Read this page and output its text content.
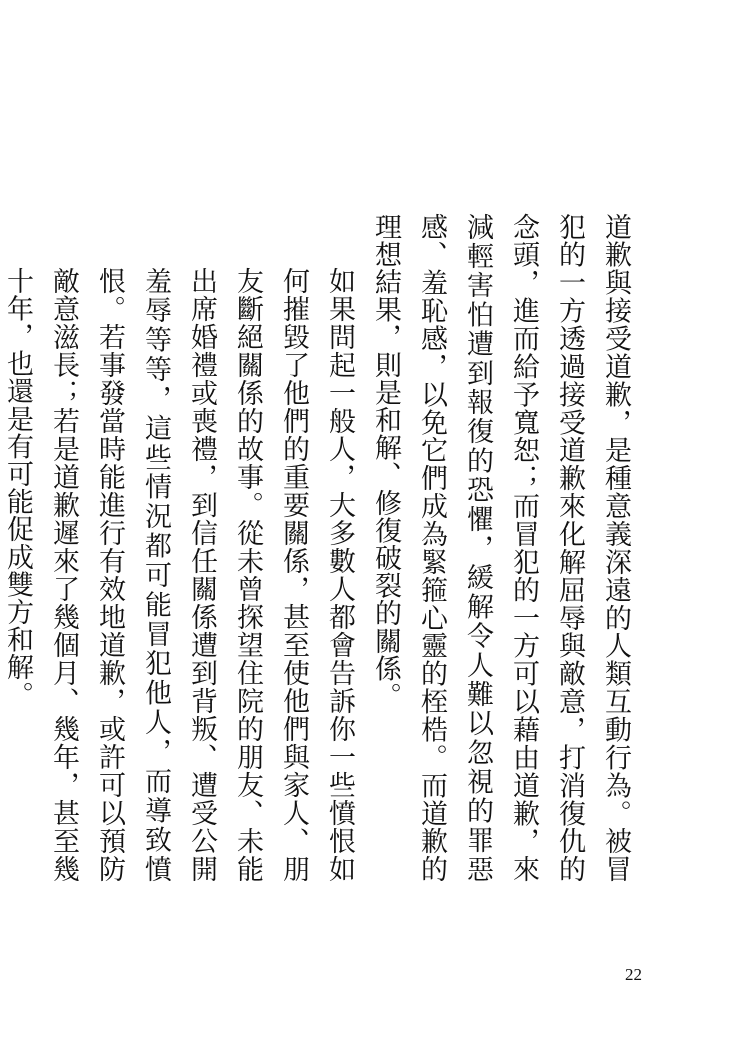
道歉與接受道歉，是種意義深遠的人類互動行為。被冒犯的一方透過接受道歉來化解屈辱與敵意，打消復仇的念頭，進而給予寬恕；而冒犯的一方可以藉由道歉，來減輕害怕遭到報復的恐懼，緩解令人難以忽視的罪惡感、羞恥感，以免它們成為緊箍心靈的桎梏。而道歉的理想結果，則是和解、修復破裂的關係。

如果問起一般人，大多數人都會告訴你一些憤恨如何摧毀了他們的重要關係，甚至使他們與家人、朋友斷絕關係的故事。從未曾探望住院的朋友、未能出席婚禮或喪禮，到信任關係遭到背叛、遭受公開羞辱等等，這些情況都可能冒犯他人，而導致憤恨。若事發當時能進行有效地道歉，或許可以預防敵意滋長；若是道歉遲來了幾個月、幾年，甚至幾十年，也還是有可能促成雙方和解。

22
